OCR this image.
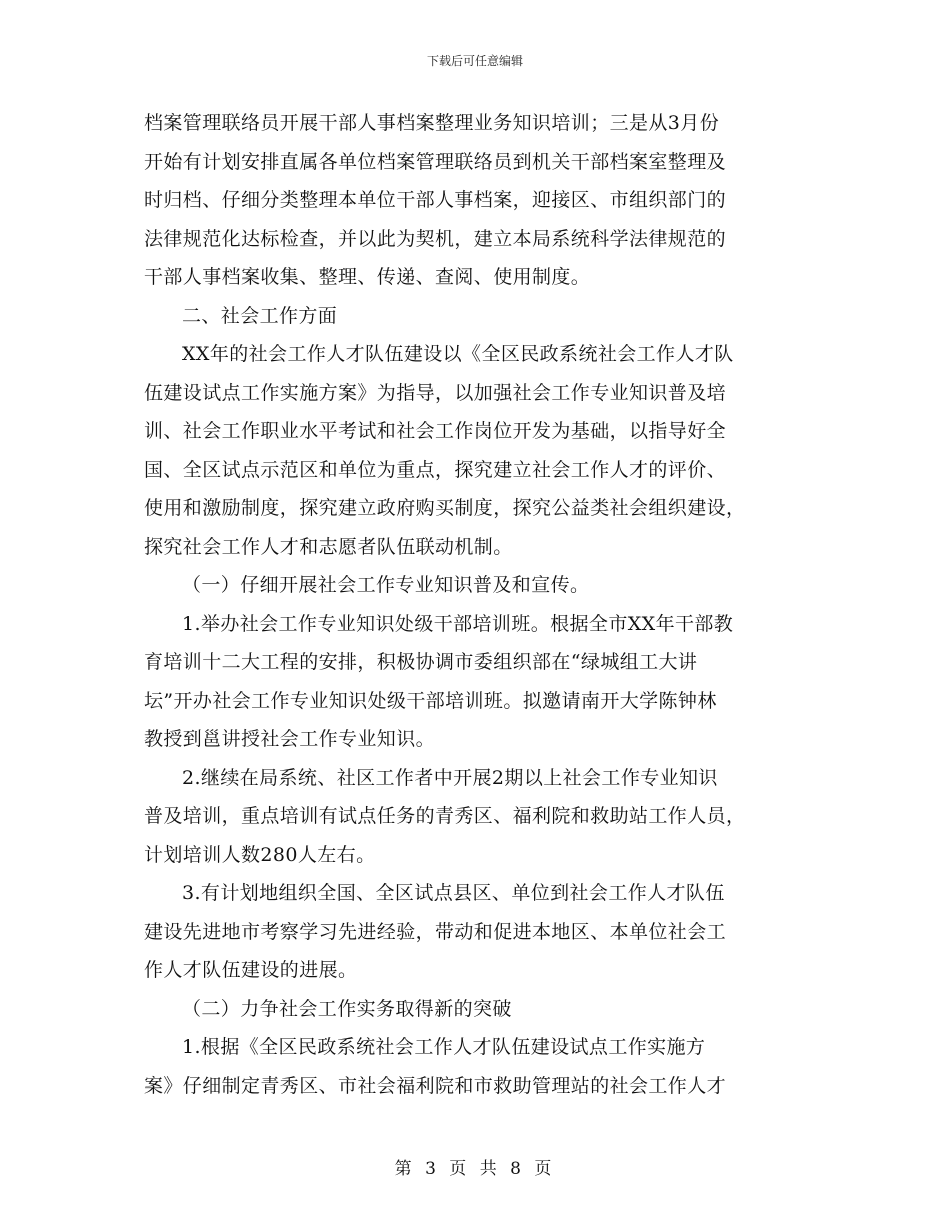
下载后可任意编辑
档案管理联络员开展干部人事档案整理业务知识培训；三是从3月份
开始有计划安排直属各单位档案管理联络员到机关干部档案室整理及
时归档、仔细分类整理本单位干部人事档案，迎接区、市组织部门的
法律规范化达标检查，并以此为契机，建立本局系统科学法律规范的
干部人事档案收集、整理、传递、查阅、使用制度。
二、社会工作方面
XX年的社会工作人才队伍建设以《全区民政系统社会工作人才队
伍建设试点工作实施方案》为指导，以加强社会工作专业知识普及培
训、社会工作职业水平考试和社会工作岗位开发为基础，以指导好全
国、全区试点示范区和单位为重点，探究建立社会工作人才的评价、
使用和激励制度，探究建立政府购买制度，探究公益类社会组织建设，
探究社会工作人才和志愿者队伍联动机制。
（一）仔细开展社会工作专业知识普及和宣传。
1.举办社会工作专业知识处级干部培训班。根据全市XX年干部教
育培训十二大工程的安排，积极协调市委组织部在“绿城组工大讲
坛”开办社会工作专业知识处级干部培训班。拟邀请南开大学陈钟林
教授到邕讲授社会工作专业知识。
2.继续在局系统、社区工作者中开展2期以上社会工作专业知识
普及培训，重点培训有试点任务的青秀区、福利院和救助站工作人员，
计划培训人数280人左右。
3.有计划地组织全国、全区试点县区、单位到社会工作人才队伍
建设先进地市考察学习先进经验，带动和促进本地区、本单位社会工
作人才队伍建设的进展。
（二）力争社会工作实务取得新的突破
1.根据《全区民政系统社会工作人才队伍建设试点工作实施方
案》仔细制定青秀区、市社会福利院和市救助管理站的社会工作人才
第 3 页 共 8 页
